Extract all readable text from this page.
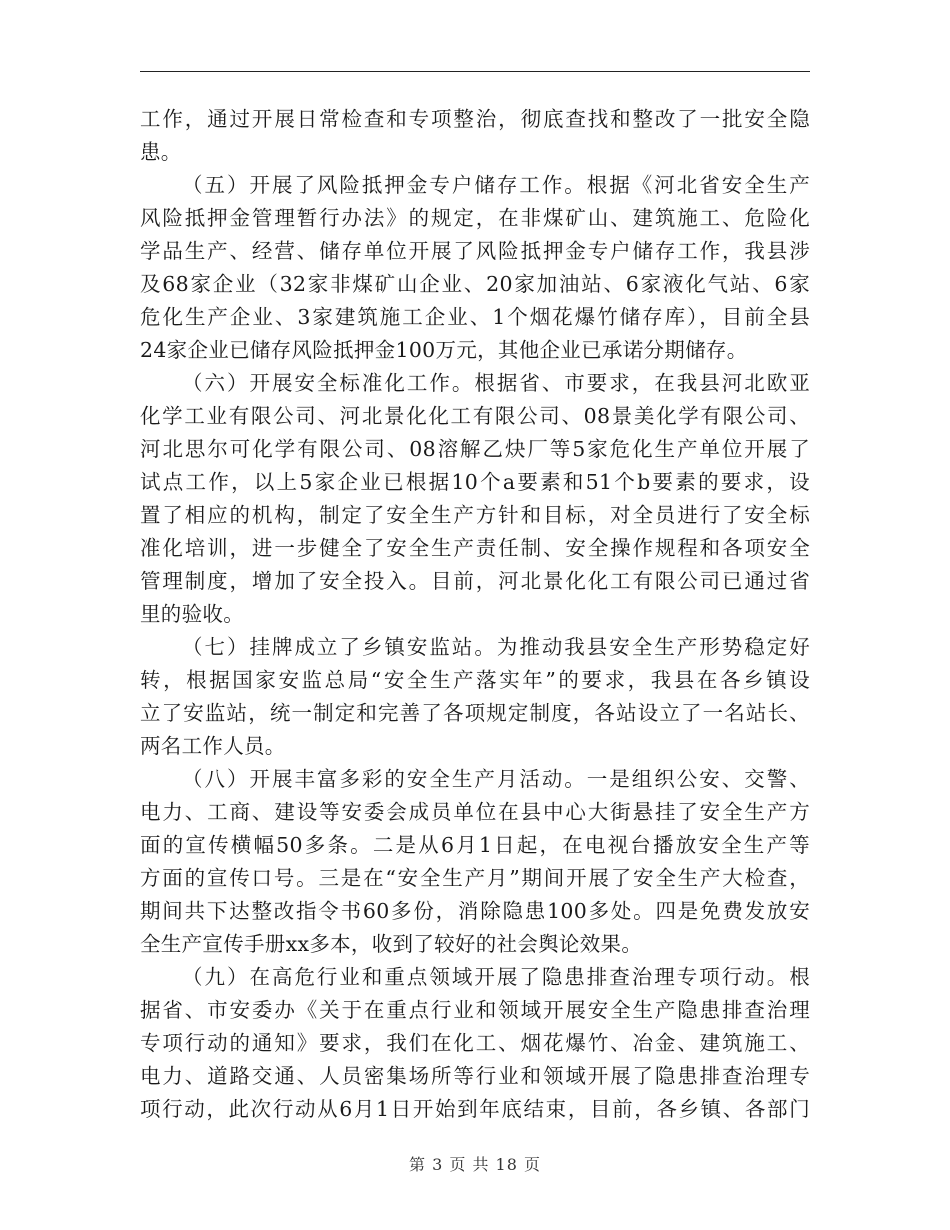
工作，通过开展日常检查和专项整治，彻底查找和整改了一批安全隐
患。
（五）开展了风险抵押金专户储存工作。根据《河北省安全生产
风险抵押金管理暂行办法》的规定，在非煤矿山、建筑施工、危险化
学品生产、经营、储存单位开展了风险抵押金专户储存工作，我县涉
及68家企业（32家非煤矿山企业、20家加油站、6家液化气站、6家
危化生产企业、3家建筑施工企业、1个烟花爆竹储存库），目前全县
24家企业已储存风险抵押金100万元，其他企业已承诺分期储存。
（六）开展安全标准化工作。根据省、市要求，在我县河北欧亚
化学工业有限公司、河北景化化工有限公司、08景美化学有限公司、
河北思尔可化学有限公司、08溶解乙炔厂等5家危化生产单位开展了
试点工作，以上5家企业已根据10个a要素和51个b要素的要求，设
置了相应的机构，制定了安全生产方针和目标，对全员进行了安全标
准化培训，进一步健全了安全生产责任制、安全操作规程和各项安全
管理制度，增加了安全投入。目前，河北景化化工有限公司已通过省
里的验收。
（七）挂牌成立了乡镇安监站。为推动我县安全生产形势稳定好
转，根据国家安监总局“安全生产落实年”的要求，我县在各乡镇设
立了安监站，统一制定和完善了各项规定制度，各站设立了一名站长、
两名工作人员。
（八）开展丰富多彩的安全生产月活动。一是组织公安、交警、
电力、工商、建设等安委会成员单位在县中心大街悬挂了安全生产方
面的宣传横幅50多条。二是从6月1日起，在电视台播放安全生产等
方面的宣传口号。三是在“安全生产月”期间开展了安全生产大检查，
期间共下达整改指令书60多份，消除隐患100多处。四是免费发放安
全生产宣传手册xx多本，收到了较好的社会舆论效果。
（九）在高危行业和重点领域开展了隐患排查治理专项行动。根
据省、市安委办《关于在重点行业和领域开展安全生产隐患排查治理
专项行动的通知》要求，我们在化工、烟花爆竹、冶金、建筑施工、
电力、道路交通、人员密集场所等行业和领域开展了隐患排查治理专
项行动，此次行动从6月1日开始到年底结束，目前，各乡镇、各部门
第 3 页 共 18 页
